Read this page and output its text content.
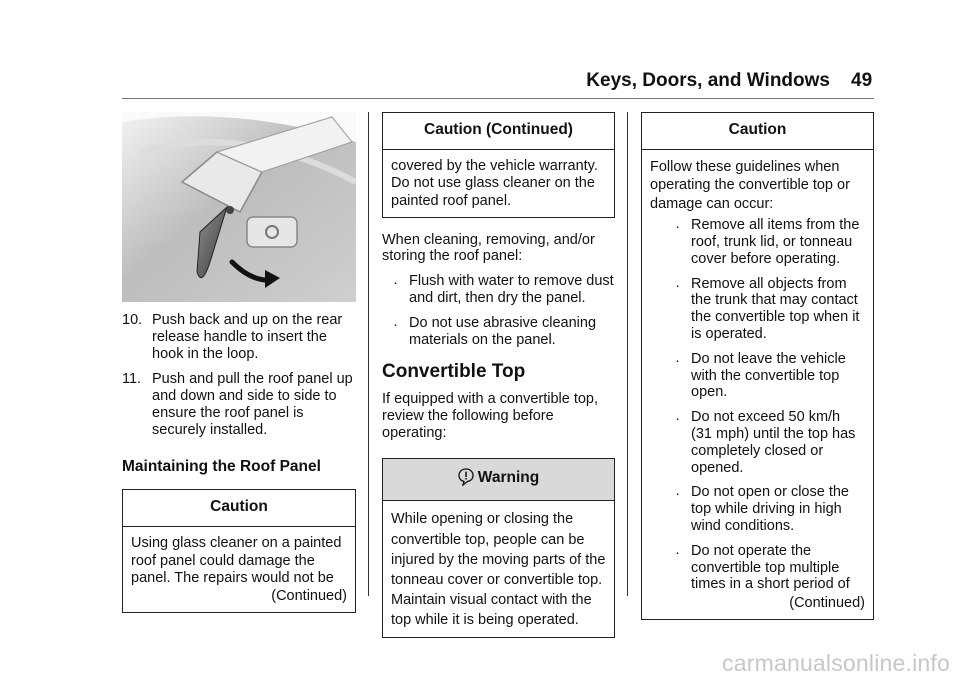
Keys, Doors, and Windows 49
10. Push back and up on the rear release handle to insert the hook in the loop.
11. Push and pull the roof panel up and down and side to side to ensure the roof panel is securely installed.
Maintaining the Roof Panel
Caution

Using glass cleaner on a painted roof panel could damage the panel. The repairs would not be

(Continued)

Caution (Continued)

covered by the vehicle warranty.

Do not use glass cleaner on the painted roof panel.

When cleaning, removing, and/or storing the roof panel:

. Flush with water to remove dust and dirt, then dry the panel.
. Do not use abrasive cleaning materials on the panel.
Convertible Top

If equipped with a convertible top, review the following before operating:

Warning

While opening or closing the convertible top, people can be injured by the moving parts of the tonneau cover or convertible top. Maintain visual contact with the top while it is being operated.

Caution

Follow these guidelines when operating the convertible top or damage can occur:

. Remove all items from the roof, trunk lid, or tonneau cover before operating.
. Remove all objects from the trunk that may contact the convertible top when it is operated.
. Do not leave the vehicle with the convertible top open.
. Do not exceed 50 km/h (31 mph) until the top has completely closed or opened.
. Do not open or close the top while driving in high wind conditions.
. Do not operate the convertible top multiple times in a short period of

(Continued)

carmanualsonline.info
